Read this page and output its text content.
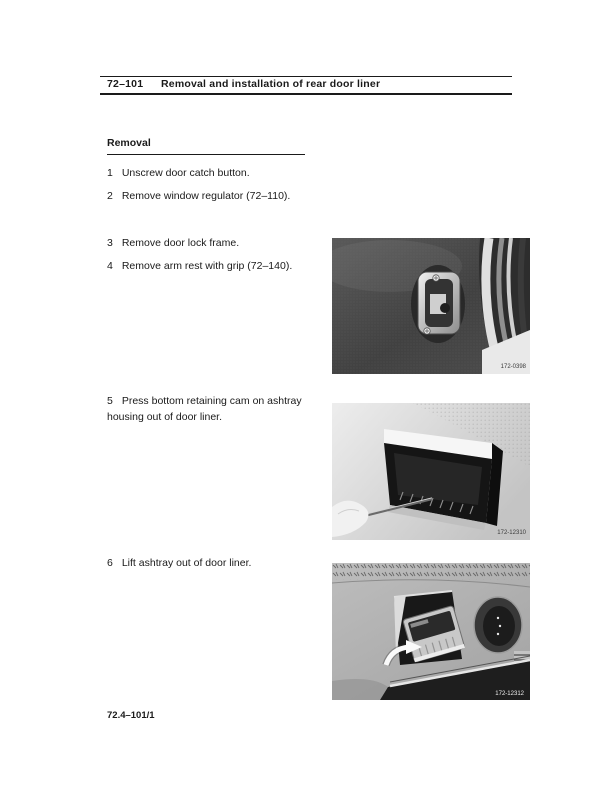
72–101 Removal and installation of rear door liner
Removal

1 Unscrew door catch button.

2 Remove window regulator (72–110).

3 Remove door lock frame.

4 Remove arm rest with grip (72–140).

5 Press bottom retaining cam on ashtray housing out of door liner.

6 Lift ashtray out of door liner.

172-0398
172-12310
172-12312
72.4–101/1
